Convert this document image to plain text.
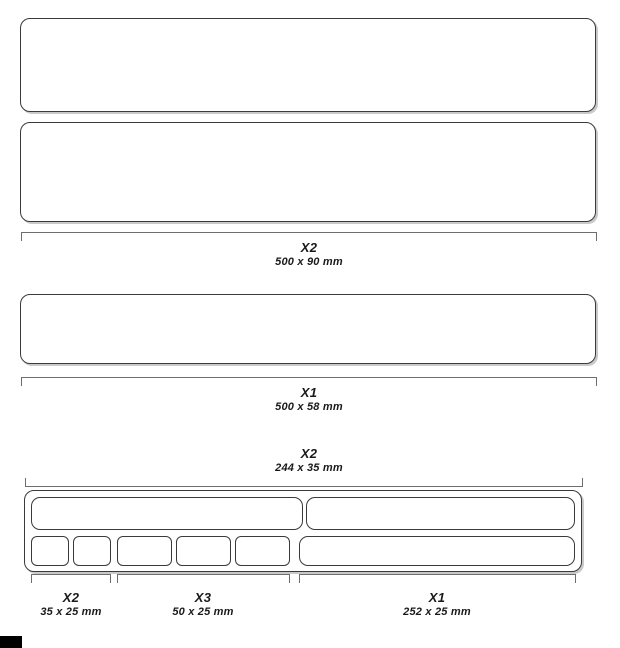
X2
500 x 90 mm
X1
500 x 58 mm
X2
244 x 35 mm
X2
35 x 25 mm
X3
50 x 25 mm
X1
252 x 25 mm
